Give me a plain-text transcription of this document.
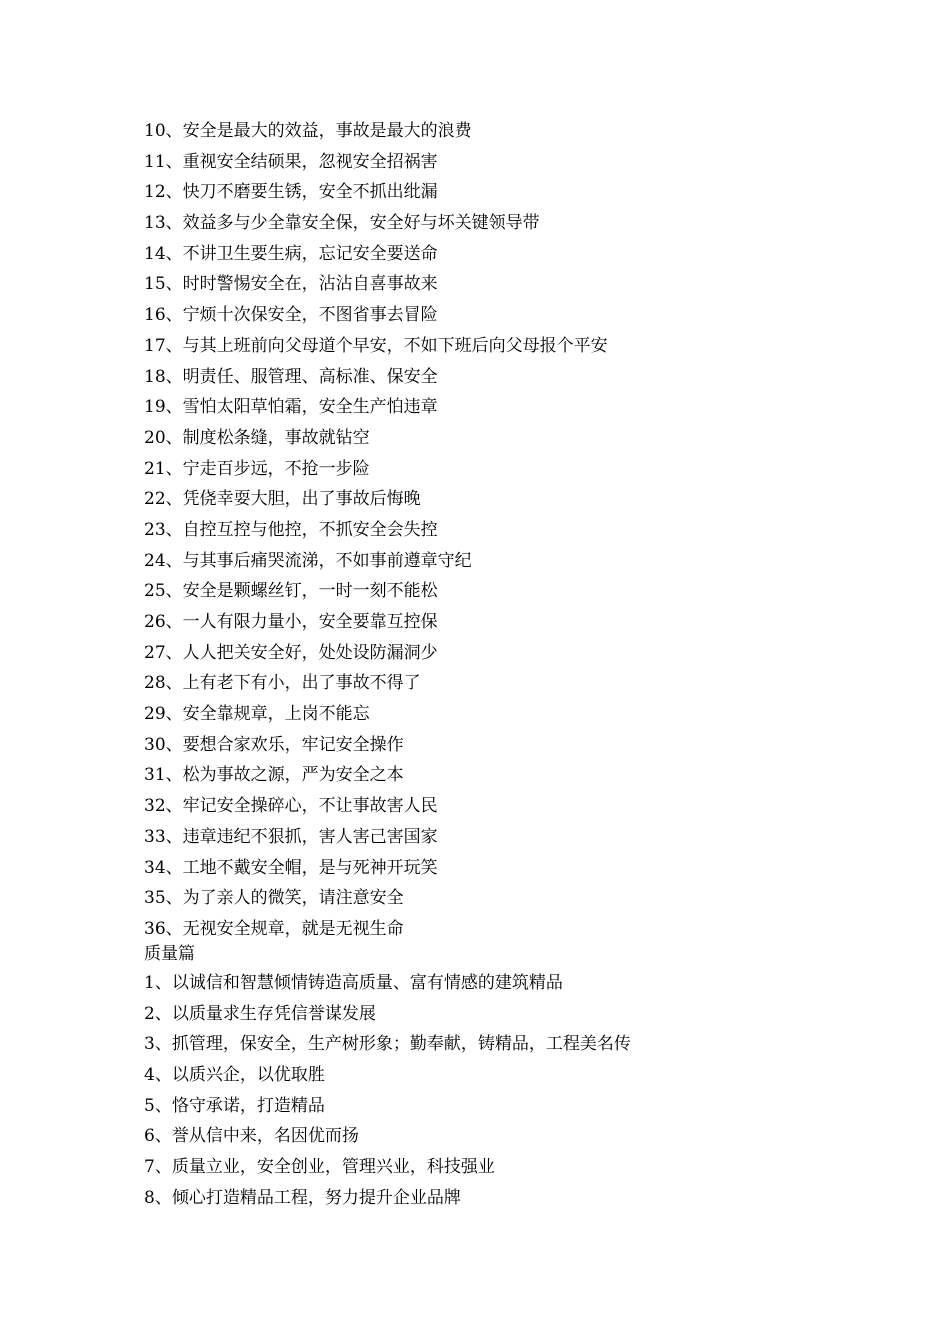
10、安全是最大的效益，事故是最大的浪费
11、重视安全结硕果，忽视安全招祸害
12、快刀不磨要生锈，安全不抓出纰漏
13、效益多与少全靠安全保，安全好与坏关键领导带
14、不讲卫生要生病，忘记安全要送命
15、时时警惕安全在，沾沾自喜事故来
16、宁烦十次保安全，不图省事去冒险
17、与其上班前向父母道个早安，不如下班后向父母报个平安
18、明责任、服管理、高标准、保安全
19、雪怕太阳草怕霜，安全生产怕违章
20、制度松条缝，事故就钻空
21、宁走百步远，不抢一步险
22、凭侥幸耍大胆，出了事故后悔晚
23、自控互控与他控，不抓安全会失控
24、与其事后痛哭流涕，不如事前遵章守纪
25、安全是颗螺丝钉，一时一刻不能松
26、一人有限力量小，安全要靠互控保
27、人人把关安全好，处处设防漏洞少
28、上有老下有小，出了事故不得了
29、安全靠规章，上岗不能忘
30、要想合家欢乐，牢记安全操作
31、松为事故之源，严为安全之本
32、牢记安全操碎心，不让事故害人民
33、违章违纪不狠抓，害人害己害国家
34、工地不戴安全帽，是与死神开玩笑
35、为了亲人的微笑，请注意安全
36、无视安全规章，就是无视生命
质量篇
1、以诚信和智慧倾情铸造高质量、富有情感的建筑精品
2、以质量求生存凭信誉谋发展
3、抓管理，保安全，生产树形象；勤奉献，铸精品，工程美名传
4、以质兴企，以优取胜
5、恪守承诺，打造精品
6、誉从信中来，名因优而扬
7、质量立业，安全创业，管理兴业，科技强业
8、倾心打造精品工程，努力提升企业品牌
